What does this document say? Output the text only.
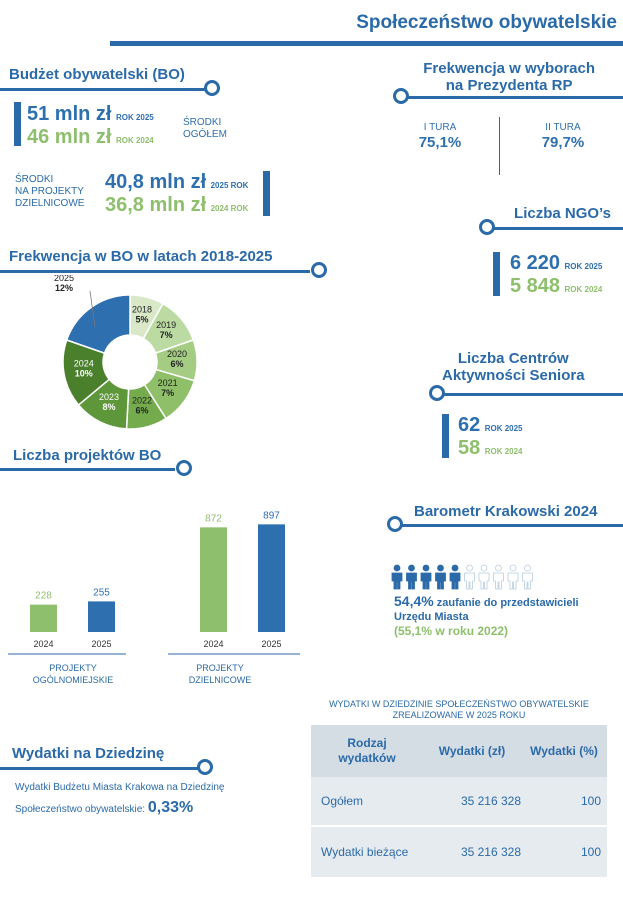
Społeczeństwo obywatelskie
Budżet obywatelski (BO)
51 mln zł ROK 2025
46 mln zł ROK 2024
ŚRODKI
OGÓŁEM
ŚRODKI
NA PROJEKTY
DZIELNICOWE
40,8 mln zł 2025 ROK
36,8 mln zł 2024 ROK
Frekwencja w wyborach
na Prezydenta RP
I TURA
75,1%
II TURA
79,7%
Liczba NGO’s
6 220 ROK 2025
5 848 ROK 2024
Frekwencja w BO w latach 2018-2025
2018
5%
2019
7%
2020
6%
2021
7%
2022
6%
2023
8%
2024
10%
2025
12%
Liczba projektów BO
228
2024
255
2025
872
2024
897
2025
PROJEKTY
OGÓLNOMIEJSKIE
PROJEKTY
DZIELNICOWE
Liczba Centrów
Aktywności Seniora
62 ROK 2025
58 ROK 2024
Barometr Krakowski 2024
54,4% zaufanie do przedstawicieli
Urzędu Miasta
(55,1% w roku 2022)
Wydatki na Dziedzinę
Wydatki Budżetu Miasta Krakowa na Dziedzinę
Społeczeństwo obywatelskie: 0,33%
WYDATKI W DZIEDZINIE SPOŁECZEŃSTWO OBYWATELSKIE
ZREALIZOWANE W 2025 ROKU
Rodzaj wydatków	Wydatki (zł)	Wydatki (%)
Ogółem	35 216 328	100
Wydatki bieżące	35 216 328	100
